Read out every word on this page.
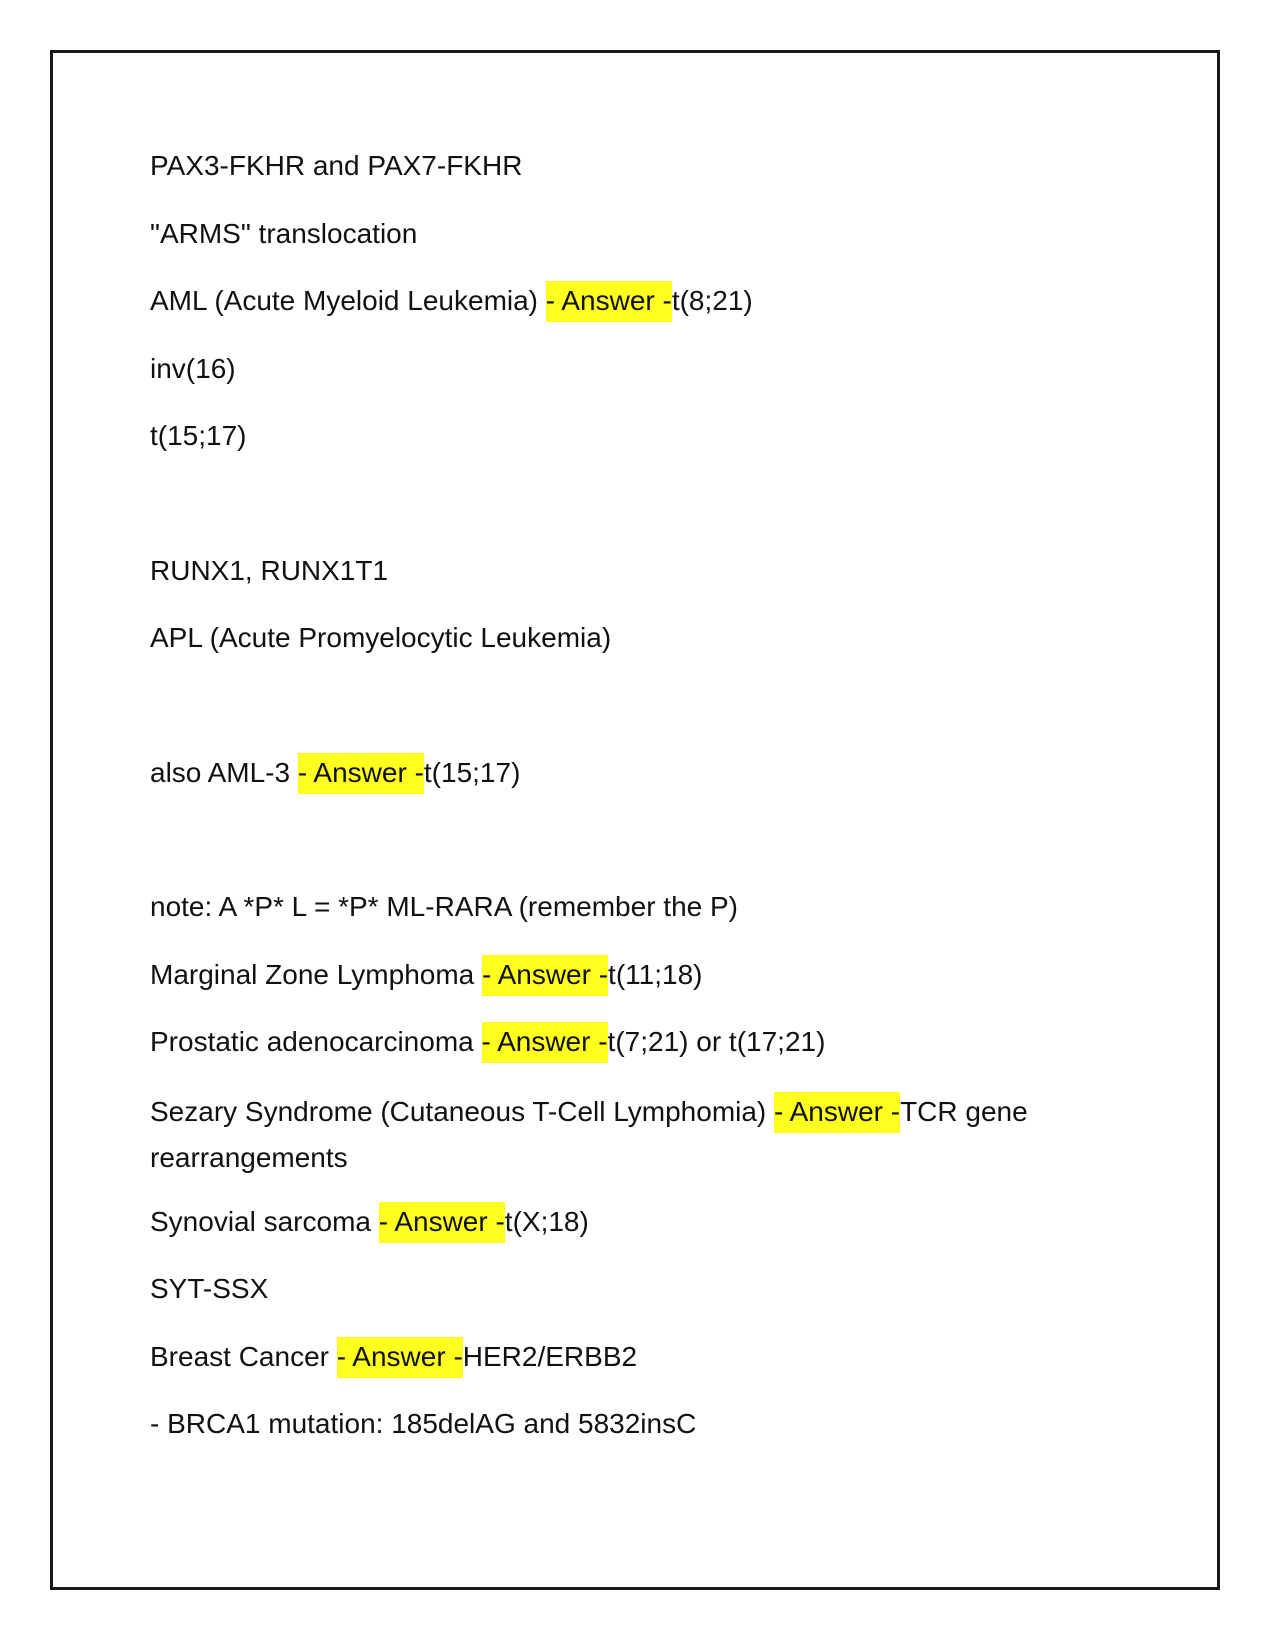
PAX3-FKHR and PAX7-FKHR
"ARMS" translocation
AML (Acute Myeloid Leukemia) - Answer -t(8;21)
inv(16)
t(15;17)
RUNX1, RUNX1T1
APL (Acute Promyelocytic Leukemia)
also AML-3 - Answer -t(15;17)
note: A *P* L = *P* ML-RARA (remember the P)
Marginal Zone Lymphoma - Answer -t(11;18)
Prostatic adenocarcinoma - Answer -t(7;21) or t(17;21)
Sezary Syndrome (Cutaneous T-Cell Lymphomia) - Answer -TCR gene rearrangements
Synovial sarcoma - Answer -t(X;18)
SYT-SSX
Breast Cancer - Answer -HER2/ERBB2
- BRCA1 mutation: 185delAG and 5832insC
